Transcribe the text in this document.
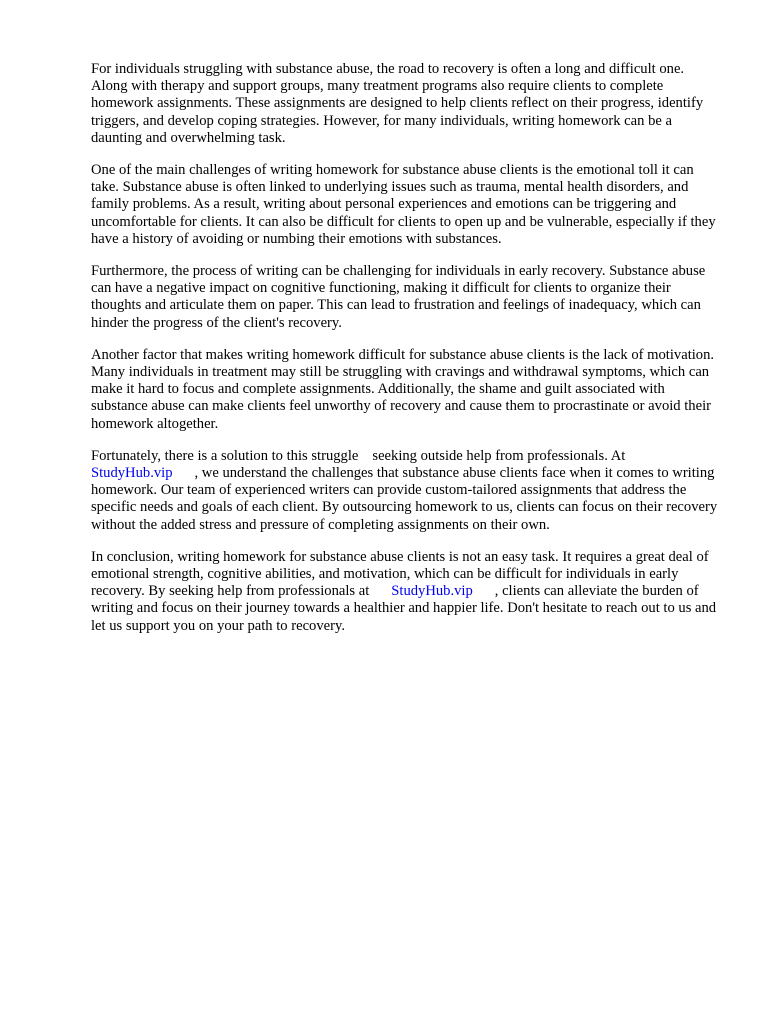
For individuals struggling with substance abuse, the road to recovery is often a long and difficult one. Along with therapy and support groups, many treatment programs also require clients to complete homework assignments. These assignments are designed to help clients reflect on their progress, identify triggers, and develop coping strategies. However, for many individuals, writing homework can be a daunting and overwhelming task.

One of the main challenges of writing homework for substance abuse clients is the emotional toll it can take. Substance abuse is often linked to underlying issues such as trauma, mental health disorders, and family problems. As a result, writing about personal experiences and emotions can be triggering and uncomfortable for clients. It can also be difficult for clients to open up and be vulnerable, especially if they have a history of avoiding or numbing their emotions with substances.

Furthermore, the process of writing can be challenging for individuals in early recovery. Substance abuse can have a negative impact on cognitive functioning, making it difficult for clients to organize their thoughts and articulate them on paper. This can lead to frustration and feelings of inadequacy, which can hinder the progress of the client's recovery.

Another factor that makes writing homework difficult for substance abuse clients is the lack of motivation. Many individuals in treatment may still be struggling with cravings and withdrawal symptoms, which can make it hard to focus and complete assignments. Additionally, the shame and guilt associated with substance abuse can make clients feel unworthy of recovery and cause them to procrastinate or avoid their homework altogether.

Fortunately, there is a solution to this struggle seeking outside help from professionals. At
StudyHub.vip , we understand the challenges that substance abuse clients face when it comes to writing homework. Our team of experienced writers can provide custom-tailored assignments that address the specific needs and goals of each client. By outsourcing homework to us, clients can focus on their recovery without the added stress and pressure of completing assignments on their own.

In conclusion, writing homework for substance abuse clients is not an easy task. It requires a great deal of emotional strength, cognitive abilities, and motivation, which can be difficult for individuals in early recovery. By seeking help from professionals at StudyHub.vip , clients can alleviate the burden of writing and focus on their journey towards a healthier and happier life. Don't hesitate to reach out to us and let us support you on your path to recovery.
